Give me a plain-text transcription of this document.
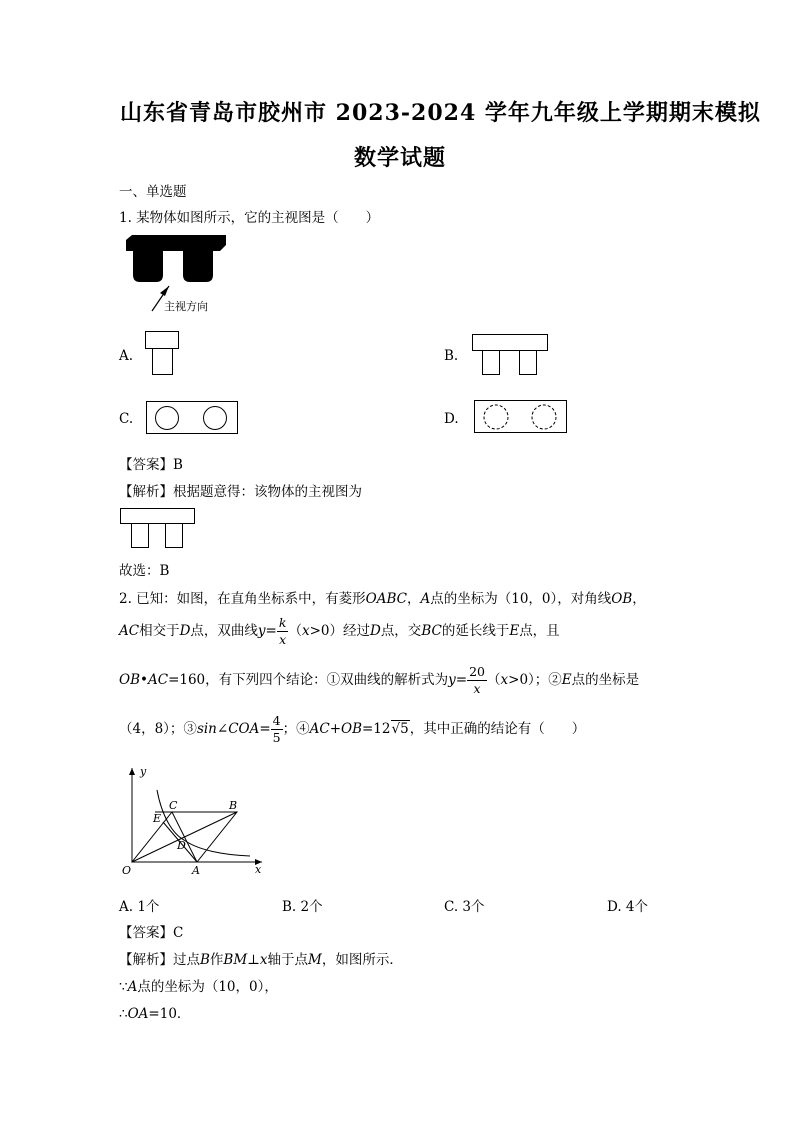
山东省青岛市胶州市 2023-2024 学年九年级上学期期末模拟
数学试题
一、单选题
1. 某物体如图所示，它的主视图是（　　）
主视方向
A.	B.
C.	D.
【答案】B
【解析】根据题意得：该物体的主视图为
故选：B
2. 已知：如图，在直角坐标系中，有菱形OABC，A点的坐标为（10，0），对角线OB，
AC相交于D点，双曲线$y= \frac{k}{x} (x>0)$经过D点，交BC的延长线于E点，且
OB•AC=160，有下列四个结论：①双曲线的解析式为$y= \frac{20}{x} (x>0)$；②E点的坐标是
（4，8）；③sin∠COA= $\frac{4}{5}$ ；④AC+OB=12√5，其中正确的结论有（　　）
y
x
O	A
B
C
D
E
A. 1个	B. 2个	C. 3个	D. 4个
【答案】C
【解析】过点B作BM⊥x轴于点M，如图所示．
∵A点的坐标为（10，0），
∴OA=10．
